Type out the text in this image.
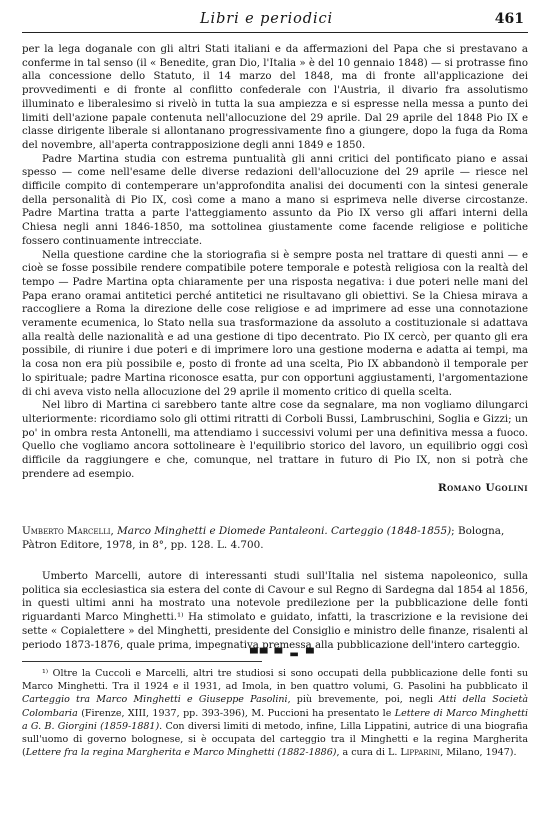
Libri e periodici	461

per la lega doganale con gli altri Stati italiani e da affermazioni del Papa che si prestavano a conferme in tal senso (il « Benedite, gran Dio, l'Italia » è del 10 gennaio 1848) — si protrasse fino alla concessione dello Statuto, il 14 marzo del 1848, ma di fronte all'applicazione dei provvedimenti e di fronte al conflitto confederale con l'Austria, il divario fra assolutismo illuminato e liberalesimo si rivelò in tutta la sua ampiezza e si espresse nella messa a punto dei limiti dell'azione papale contenuta nell'allocuzione del 29 aprile. Dal 29 aprile del 1848 Pio IX e classe dirigente liberale si allontanano progressivamente fino a giungere, dopo la fuga da Roma del novembre, all'aperta contrapposizione degli anni 1849 e 1850.

Padre Martina studia con estrema puntualità gli anni critici del pontificato piano e assai spesso — come nell'esame delle diverse redazioni dell'allocuzione del 29 aprile — riesce nel difficile compito di contemperare un'approfondita analisi dei documenti con la sintesi generale della personalità di Pio IX, così come a mano a mano si esprimeva nelle diverse circostanze. Padre Martina tratta a parte l'atteggiamento assunto da Pio IX verso gli affari interni della Chiesa negli anni 1846-1850, ma sottolinea giustamente come facende religiose e politiche fossero continuamente intrecciate.

Nella questione cardine che la storiografia si è sempre posta nel trattare di questi anni — e cioè se fosse possibile rendere compatibile potere temporale e potestà religiosa con la realtà del tempo — Padre Martina opta chiaramente per una risposta negativa: i due poteri nelle mani del Papa erano oramai antitetici perché antitetici ne risultavano gli obiettivi. Se la Chiesa mirava a raccogliere a Roma la direzione delle cose religiose e ad imprimere ad esse una connotazione veramente ecumenica, lo Stato nella sua trasformazione da assoluto a costituzionale si adattava alla realtà delle nazionalità e ad una gestione di tipo decentrato. Pio IX cercò, per quanto gli era possibile, di riunire i due poteri e di imprimere loro una gestione moderna e adatta ai tempi, ma la cosa non era più possibile e, posto di fronte ad una scelta, Pio IX abbandonò il temporale per lo spirituale; padre Martina riconosce esatta, pur con opportuni aggiustamenti, l'argomentazione di chi aveva visto nella allocuzione del 29 aprile il momento critico di quella scelta.

Nel libro di Martina ci sarebbero tante altre cose da segnalare, ma non vogliamo dilungarci ulteriormente: ricordiamo solo gli ottimi ritratti di Corboli Bussi, Lambruschini, Soglia e Gizzi; un po' in ombra resta Antonelli, ma attendiamo i successivi volumi per una definitiva messa a fuoco. Quello che vogliamo ancora sottolineare è l'equilibrio storico del lavoro, un equilibrio oggi così difficile da raggiungere e che, comunque, nel trattare in futuro di Pio IX, non si potrà che prendere ad esempio.

Romano Ugolini

Umberto Marcelli, Marco Minghetti e Diomede Pantaleoni. Carteggio (1848-1855); Bologna, Pàtron Editore, 1978, in 8°, pp. 128. L. 4.700.

Umberto Marcelli, autore di interessanti studi sull'Italia nel sistema napoleonico, sulla politica sia ecclesiastica sia estera del conte di Cavour e sul Regno di Sardegna dal 1854 al 1856, in questi ultimi anni ha mostrato una notevole predilezione per la pubblicazione delle fonti riguardanti Marco Minghetti.¹⁾ Ha stimolato e guidato, infatti, la trascrizione e la revisione dei sette « Copialettere » del Minghetti, presidente del Consiglio e ministro delle finanze, risalenti al periodo 1873-1876, quale prima, impegnativa premessa alla pubblicazione dell'intero carteggio.

▀▀ ▀ ▬ ▀

¹⁾ Oltre la Cuccoli e Marcelli, altri tre studiosi si sono occupati della pubblicazione delle fonti su Marco Minghetti. Tra il 1924 e il 1931, ad Imola, in ben quattro volumi, G. Pasolini ha pubblicato il Carteggio tra Marco Minghetti e Giuseppe Pasolini, più brevemente, poi, negli Atti della Società Colombaria (Firenze, XIII, 1937, pp. 393-396), M. Puccioni ha presentato le Lettere di Marco Minghetti a G. B. Giorgini (1859-1881). Con diversi limiti di metodo, infine, Lilla Lippatini, autrice di una biografia sull'uomo di governo bolognese, si è occupata del carteggio tra il Minghetti e la regina Margherita (Lettere fra la regina Margherita e Marco Minghetti (1882-1886), a cura di L. Lipparini, Milano, 1947).
